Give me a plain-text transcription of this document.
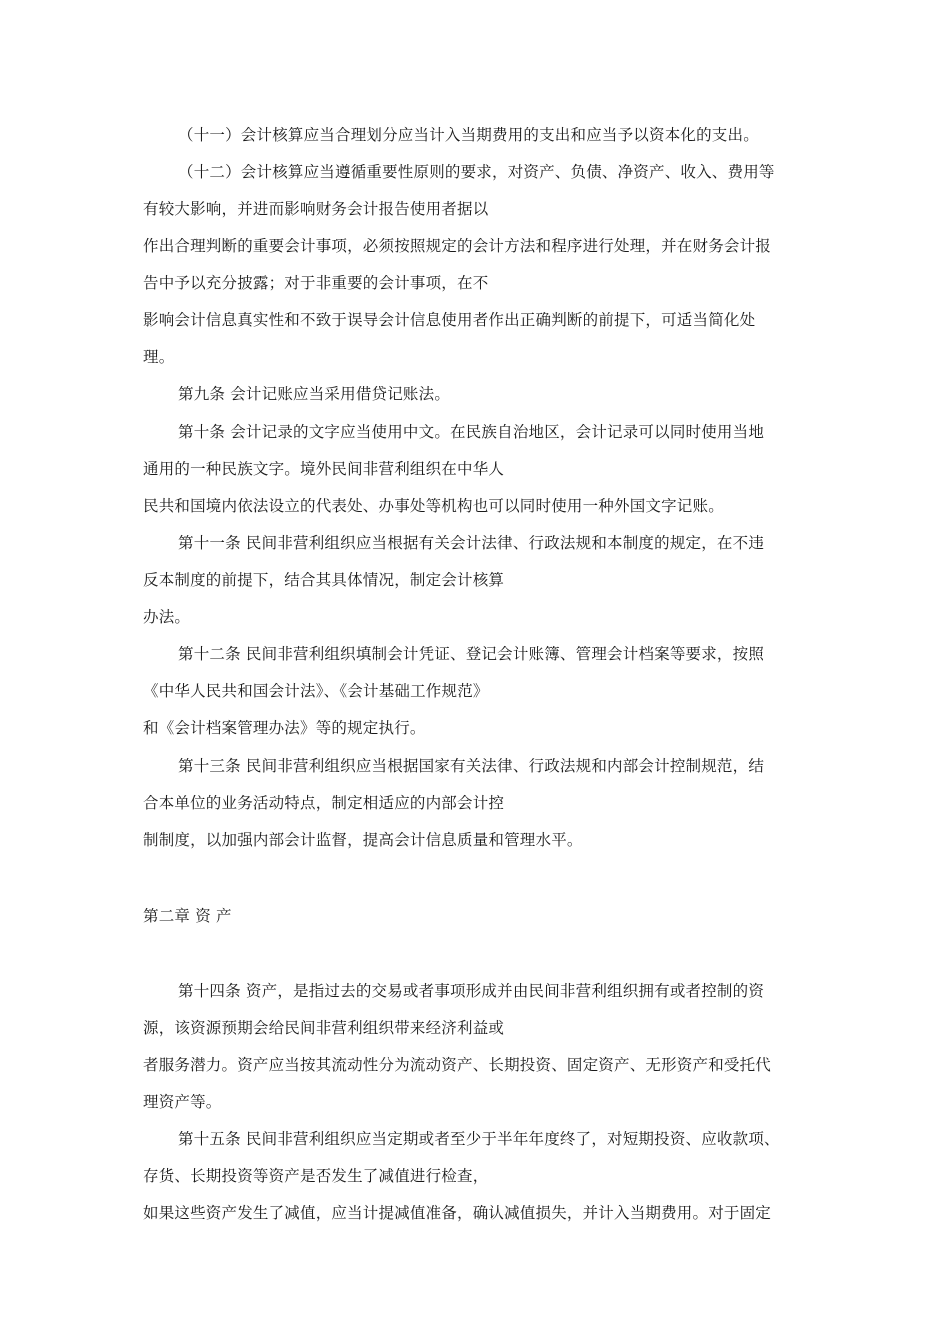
（十一）会计核算应当合理划分应当计入当期费用的支出和应当予以资本化的支出。
（十二）会计核算应当遵循重要性原则的要求，对资产、负债、净资产、收入、费用等
有较大影响，并进而影响财务会计报告使用者据以
作出合理判断的重要会计事项，必须按照规定的会计方法和程序进行处理，并在财务会计报
告中予以充分披露；对于非重要的会计事项，在不
影响会计信息真实性和不致于误导会计信息使用者作出正确判断的前提下，可适当简化处
理。
第九条 会计记账应当采用借贷记账法。
第十条 会计记录的文字应当使用中文。在民族自治地区，会计记录可以同时使用当地
通用的一种民族文字。境外民间非营利组织在中华人
民共和国境内依法设立的代表处、办事处等机构也可以同时使用一种外国文字记账。
第十一条 民间非营利组织应当根据有关会计法律、行政法规和本制度的规定，在不违
反本制度的前提下，结合其具体情况，制定会计核算
办法。
第十二条 民间非营利组织填制会计凭证、登记会计账簿、管理会计档案等要求，按照
《中华人民共和国会计法》、《会计基础工作规范》
和《会计档案管理办法》等的规定执行。
第十三条 民间非营利组织应当根据国家有关法律、行政法规和内部会计控制规范，结
合本单位的业务活动特点，制定相适应的内部会计控
制制度，以加强内部会计监督，提高会计信息质量和管理水平。
第二章 资 产
第十四条 资产，是指过去的交易或者事项形成并由民间非营利组织拥有或者控制的资
源，该资源预期会给民间非营利组织带来经济利益或
者服务潜力。资产应当按其流动性分为流动资产、长期投资、固定资产、无形资产和受托代
理资产等。
第十五条 民间非营利组织应当定期或者至少于半年年度终了，对短期投资、应收款项、
存货、长期投资等资产是否发生了减值进行检查，
如果这些资产发生了减值，应当计提减值准备，确认减值损失，并计入当期费用。对于固定
